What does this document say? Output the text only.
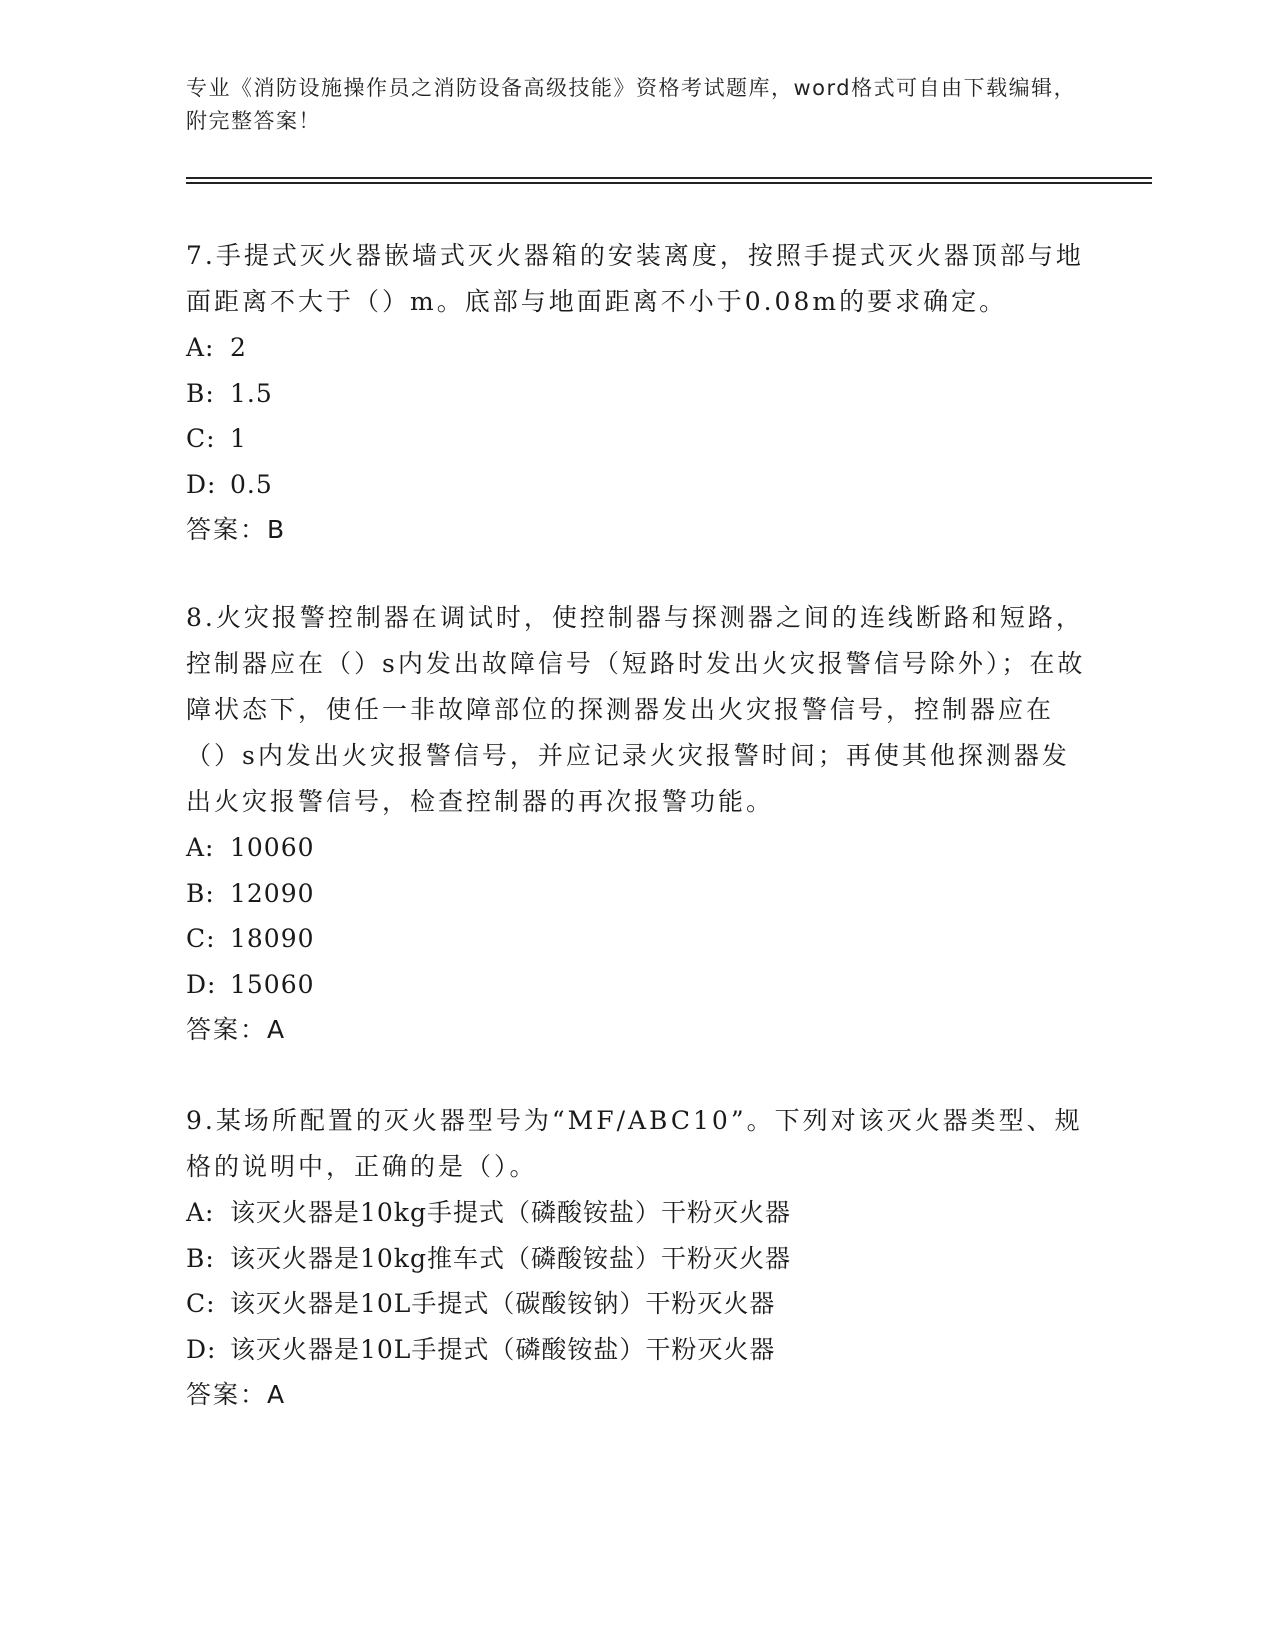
专业《消防设施操作员之消防设备高级技能》资格考试题库，word格式可自由下载编辑，附完整答案！

7.手提式灭火器嵌墙式灭火器箱的安装离度，按照手提式灭火器顶部与地面距离不大于（）m。底部与地面距离不小于0.08m的要求确定。

A: 2

B: 1.5

C: 1

D: 0.5

答案：B

8.火灾报警控制器在调试时，使控制器与探测器之间的连线断路和短路，控制器应在（）s内发出故障信号（短路时发出火灾报警信号除外）；在故障状态下，使任一非故障部位的探测器发出火灾报警信号，控制器应在（）s内发出火灾报警信号，并应记录火灾报警时间；再使其他探测器发出火灾报警信号，检查控制器的再次报警功能。

A: 10060

B: 12090

C: 18090

D: 15060

答案：A

9.某场所配置的灭火器型号为“MF/ABC10”。下列对该灭火器类型、规格的说明中，正确的是（）。

A: 该灭火器是10kg手提式（磷酸铵盐）干粉灭火器

B: 该灭火器是10kg推车式（磷酸铵盐）干粉灭火器

C: 该灭火器是10L手提式（碳酸铵钠）干粉灭火器

D: 该灭火器是10L手提式（磷酸铵盐）干粉灭火器

答案：A
